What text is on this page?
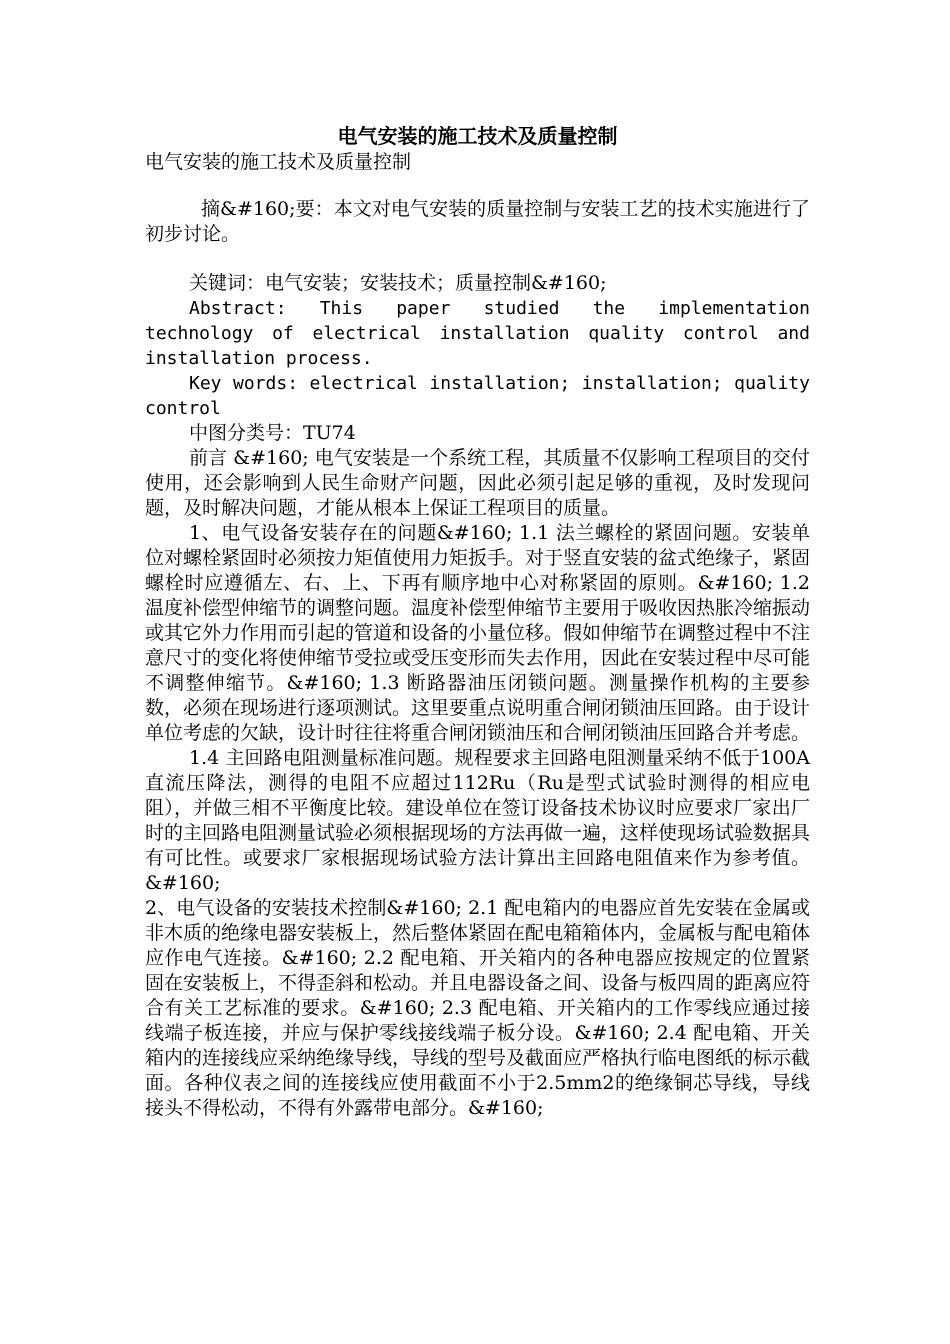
电气安装的施工技术及质量控制

电气安装的施工技术及质量控制

摘&#160;要：本文对电气安装的质量控制与安装工艺的技术实施进行了初步讨论。

关键词：电气安装；安装技术；质量控制&#160;

Abstract: This paper studied the implementation technology of electrical installation quality control and installation process.

Key words: electrical installation; installation; quality control

中图分类号：TU74

前言 &#160; 电气安装是一个系统工程，其质量不仅影响工程项目的交付使用，还会影响到人民生命财产问题，因此必须引起足够的重视，及时发现问题，及时解决问题，才能从根本上保证工程项目的质量。

1、电气设备安装存在的问题&#160; 1.1 法兰螺栓的紧固问题。安装单位对螺栓紧固时必须按力矩值使用力矩扳手。对于竖直安装的盆式绝缘子，紧固螺栓时应遵循左、右、上、下再有顺序地中心对称紧固的原则。&#160; 1.2 温度补偿型伸缩节的调整问题。温度补偿型伸缩节主要用于吸收因热胀冷缩振动或其它外力作用而引起的管道和设备的小量位移。假如伸缩节在调整过程中不注意尺寸的变化将使伸缩节受拉或受压变形而失去作用，因此在安装过程中尽可能不调整伸缩节。&#160; 1.3 断路器油压闭锁问题。测量操作机构的主要参数，必须在现场进行逐项测试。这里要重点说明重合闸闭锁油压回路。由于设计单位考虑的欠缺，设计时往往将重合闸闭锁油压和合闸闭锁油压回路合并考虑。

1.4 主回路电阻测量标准问题。规程要求主回路电阻测量采纳不低于100A直流压降法，测得的电阻不应超过112Ru（Ru是型式试验时测得的相应电阻），并做三相不平衡度比较。建设单位在签订设备技术协议时应要求厂家出厂时的主回路电阻测量试验必须根据现场的方法再做一遍，这样使现场试验数据具有可比性。或要求厂家根据现场试验方法计算出主回路电阻值来作为参考值。&#160;

2、电气设备的安装技术控制&#160; 2.1 配电箱内的电器应首先安装在金属或非木质的绝缘电器安装板上，然后整体紧固在配电箱箱体内，金属板与配电箱体应作电气连接。&#160; 2.2 配电箱、开关箱内的各种电器应按规定的位置紧固在安装板上，不得歪斜和松动。并且电器设备之间、设备与板四周的距离应符合有关工艺标准的要求。&#160; 2.3 配电箱、开关箱内的工作零线应通过接线端子板连接，并应与保护零线接线端子板分设。&#160; 2.4 配电箱、开关箱内的连接线应采纳绝缘导线，导线的型号及截面应严格执行临电图纸的标示截面。各种仪表之间的连接线应使用截面不小于2.5mm2的绝缘铜芯导线，导线接头不得松动，不得有外露带电部分。&#160;
